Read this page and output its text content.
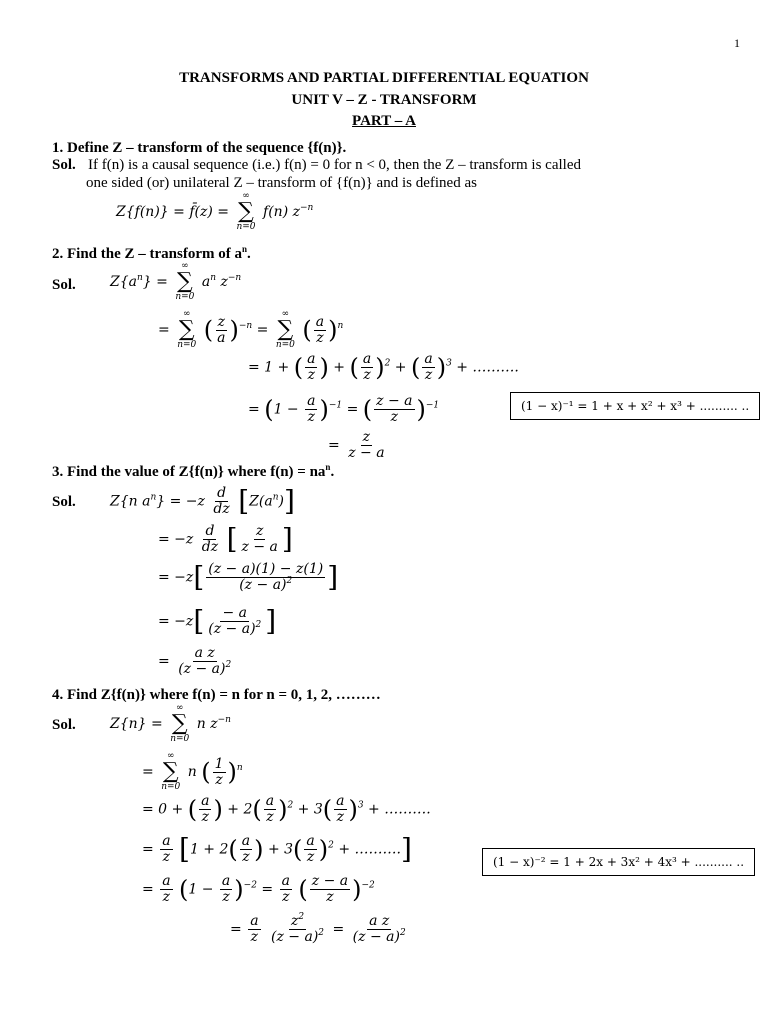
1
TRANSFORMS AND PARTIAL DIFFERENTIAL EQUATION
UNIT V – Z - TRANSFORM
PART – A
1. Define Z – transform of the sequence {f(n)}.
Sol. If f(n) is a causal sequence (i.e.) f(n) = 0 for n < 0, then the Z – transform is called
one sided (or) unilateral Z – transform of {f(n)} and is defined as
Z{f(n)} = f̄(z) =
∞
∑
n=0
f(n) $z^{-n}$
2. Find the Z – transform of $a^n$.
Sol. $Z\{a^n\}$ =
∞
∑
n=0
$a^n$ $z^{-n}$
=
∞
∑
n=0
( $\frac{z}{a} )^{-n}$ =
∞
∑
n=0
( $\frac{a}{z} )^n$
= 1 + ( $\frac{a}{z}$ ) + ( $\frac{a}{z} )^2$ + ( $\frac{a}{z} )^3$ + ……….
= $(1 - \frac{a}{z} )^{-1}$ = ( $\frac{z - a}{z} )^{-1}$	(1 − x)⁻¹ = 1 + x + x² + x³ + .......... ..
= $\frac{z}{z - a}$
3. Find the value of Z{f(n)} where $f(n) = na^n$.
Sol. Z{n $a^n\} = -z \frac{d}{dz} [Z(a^n)]$
= $-z \frac{d}{dz}$ [ $\frac{z}{z - a}$ ]
= $-z[ \frac{(z - a)(1) - z(1)}{(z - a)^2}$ ]
= $-z[ \frac{- a}{(z - a)^2}$ ]
= $\frac{\text{a z}}{(z - a)^2}$
4. Find Z{f(n)} where f(n) = n for n = 0, 1, 2, ………
Sol. Z{n} =
∞
∑
n=0
n $z^{-n}$
=
∞
∑
n=0
n ( $\frac{1}{z} )^n$
= 0 + ( $\frac{a}{z}$ ) + $2( \frac{a}{z} )^2 + 3( \frac{a}{z} )^3$ + ……….
= $\frac{a}{z} [1 + 2( \frac{a}{z}$ ) + $3( \frac{a}{z} )^2$ + ……….]	(1 − x)⁻² = 1 + 2x + 3x² + 4x³ + .......... ..
= $\frac{a}{z} (1 - \frac{a}{z} )^{-2} = \frac{a}{z}$ ( $\frac{z - a}{z} )^{-2}$
= $\frac{a}{z}$
$\frac{z^2}{(z - a)^2} = \frac{\text{a z}}{(z - a)^2}$
